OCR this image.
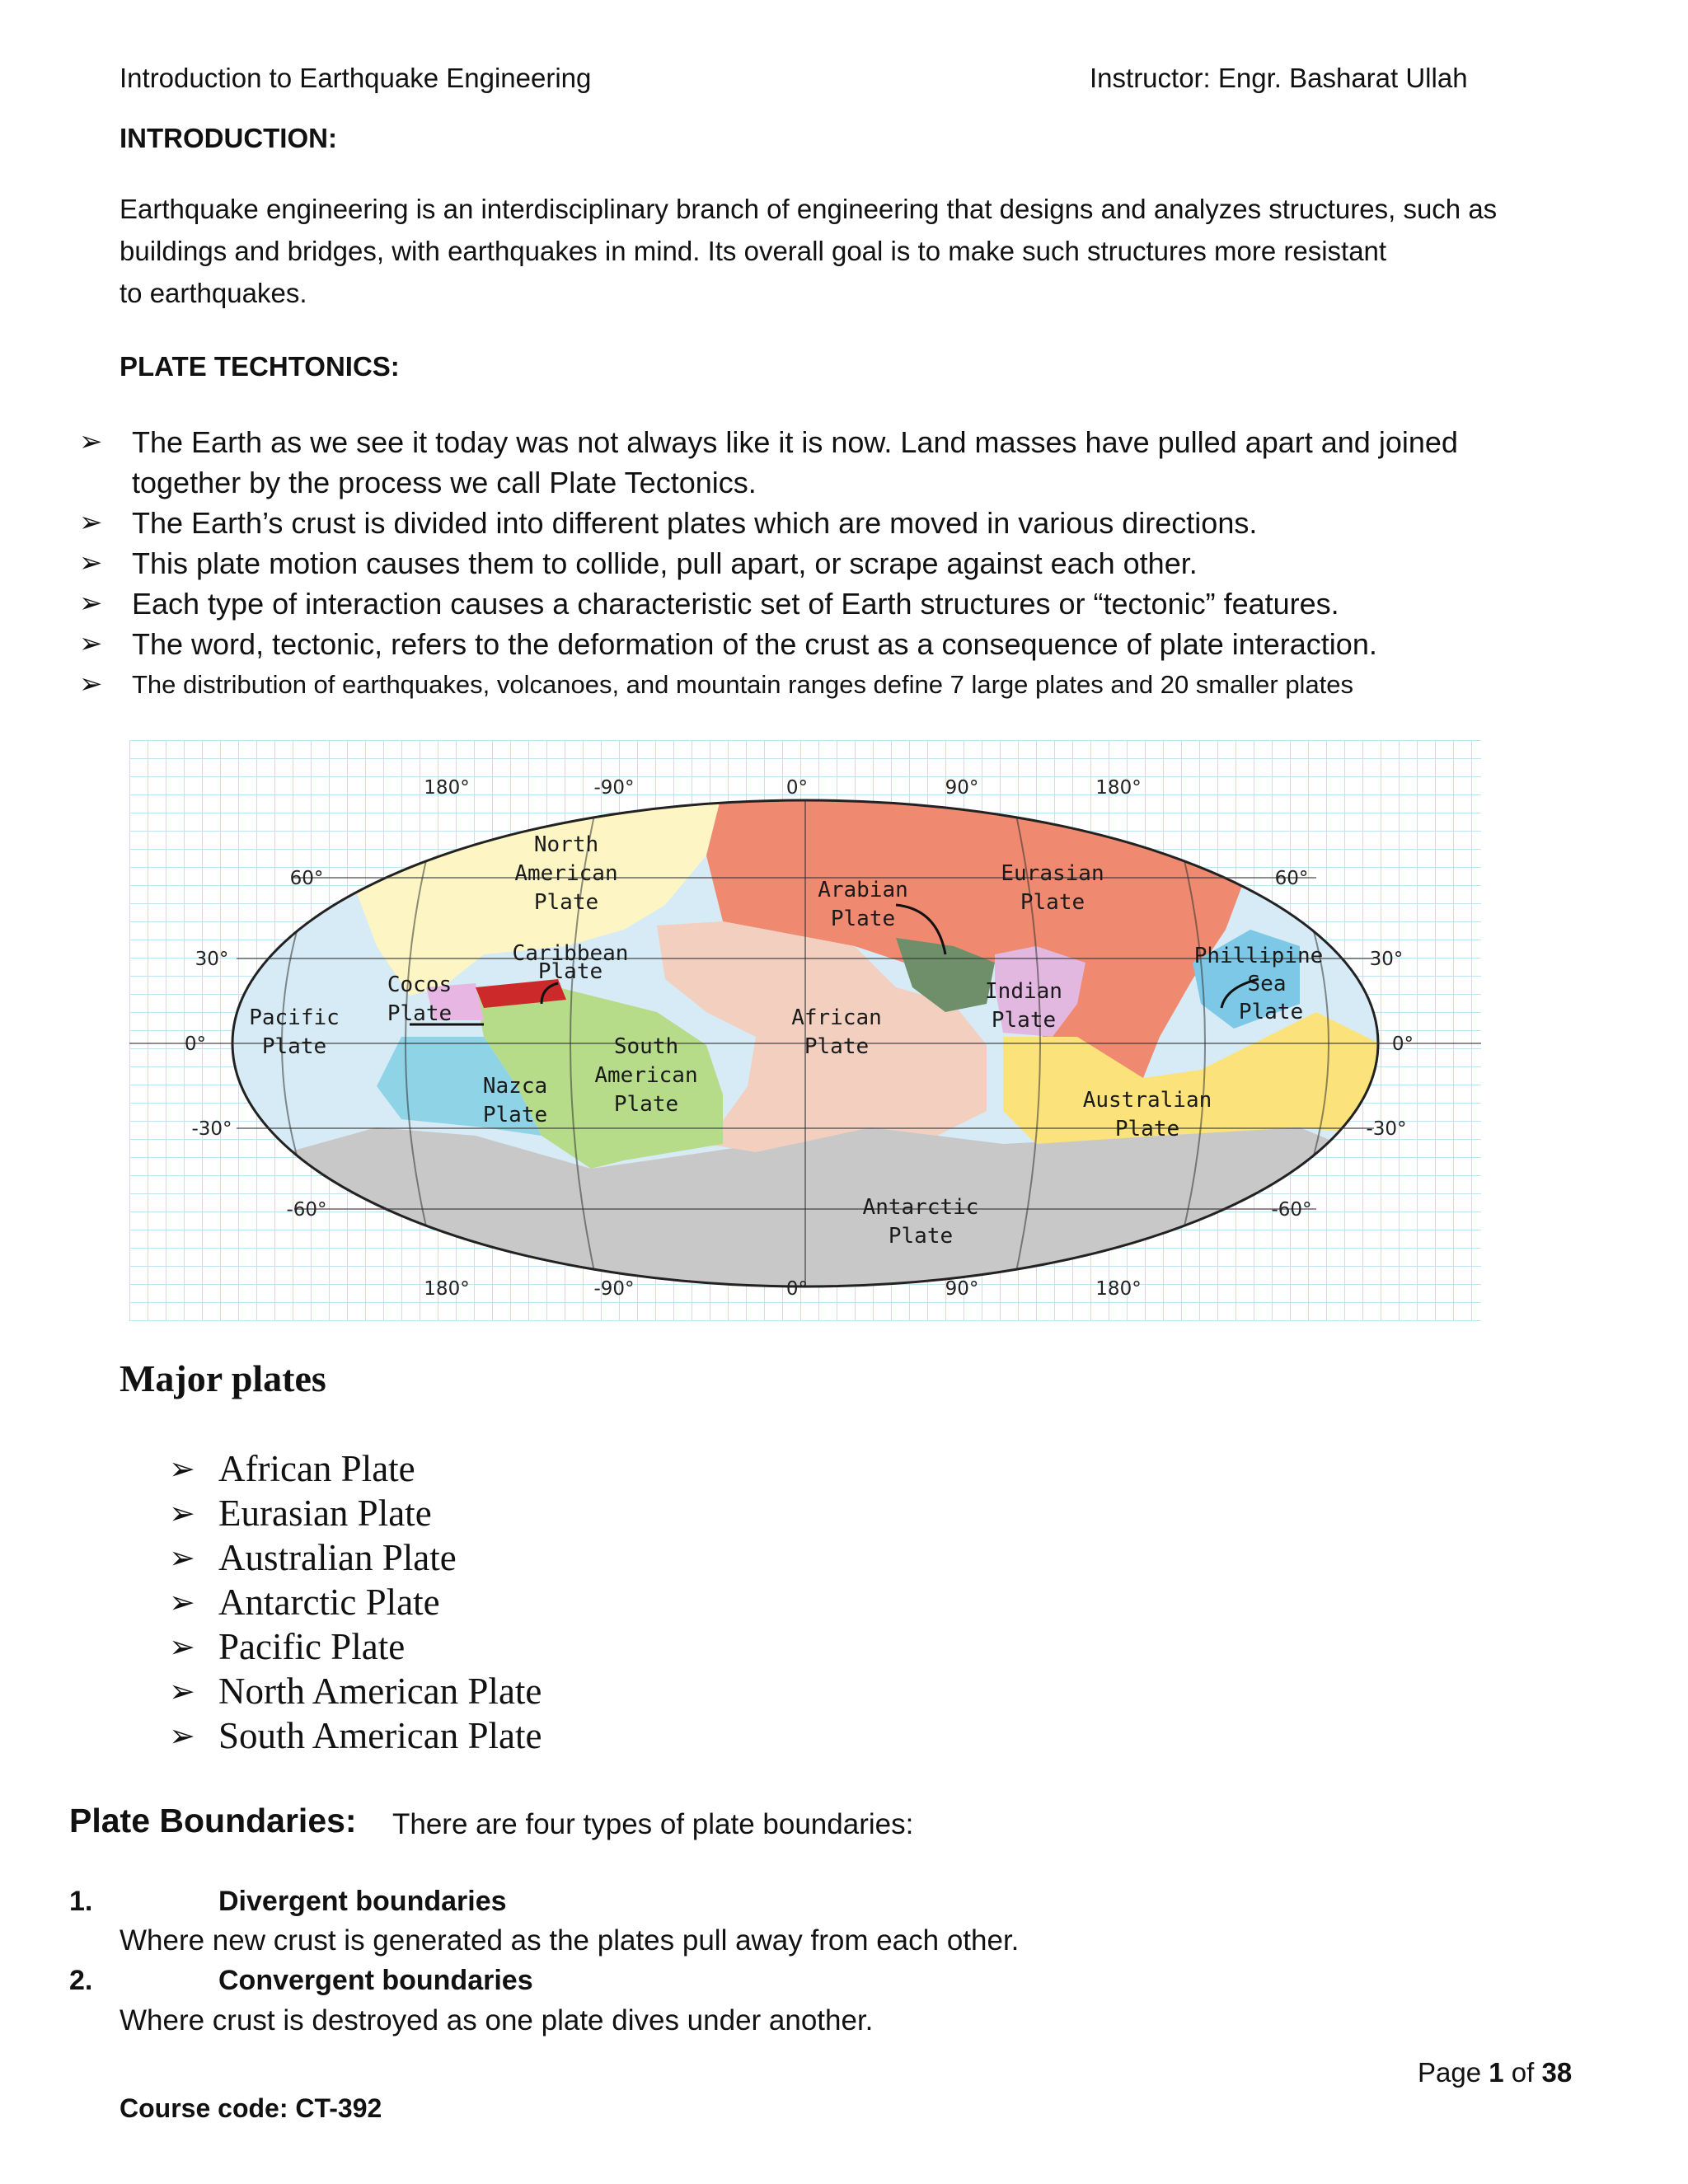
Introduction to Earthquake Engineering	Instructor: Engr. Basharat Ullah
INTRODUCTION:
Earthquake engineering is an interdisciplinary branch of engineering that designs and analyzes structures, such as
buildings and bridges, with earthquakes in mind. Its overall goal is to make such structures more resistant
to earthquakes.
PLATE TECHTONICS:
➢ The Earth as we see it today was not always like it is now. Land masses have pulled apart and joined
together by the process we call Plate Tectonics.
➢ The Earth’s crust is divided into different plates which are moved in various directions.
➢ This plate motion causes them to collide, pull apart, or scrape against each other.
➢ Each type of interaction causes a characteristic set of Earth structures or “tectonic” features.
➢ The word, tectonic, refers to the deformation of the crust as a consequence of plate interaction.
➢	The distribution of earthquakes, volcanoes, and mountain ranges define 7 large plates and 20 smaller plates
180°	-90°	0°	90°	180°
180°	-90°	0°	90°	180°
60°
30°
0°
-30°
-60°
60°
30°
0°
-30°
-60°
North American Plate	Arabian Plate
Eurasian Plate
Caribbean Plate
Cocos Plate
Pacific Plate
Phillipine Sea Plate
Indian Plate
African Plate
South American Plate
Nazca Plate
Australian Plate
Antarctic Plate
Major plates
➢ African Plate
➢ Eurasian Plate
➢ Australian Plate
➢ Antarctic Plate
➢ Pacific Plate
➢ North American Plate
➢ South American Plate
Plate Boundaries: There are four types of plate boundaries:
1.	Divergent boundaries
Where new crust is generated as the plates pull away from each other.
2.	Convergent boundaries
Where crust is destroyed as one plate dives under another.
Page 1 of 38
Course code: CT-392
